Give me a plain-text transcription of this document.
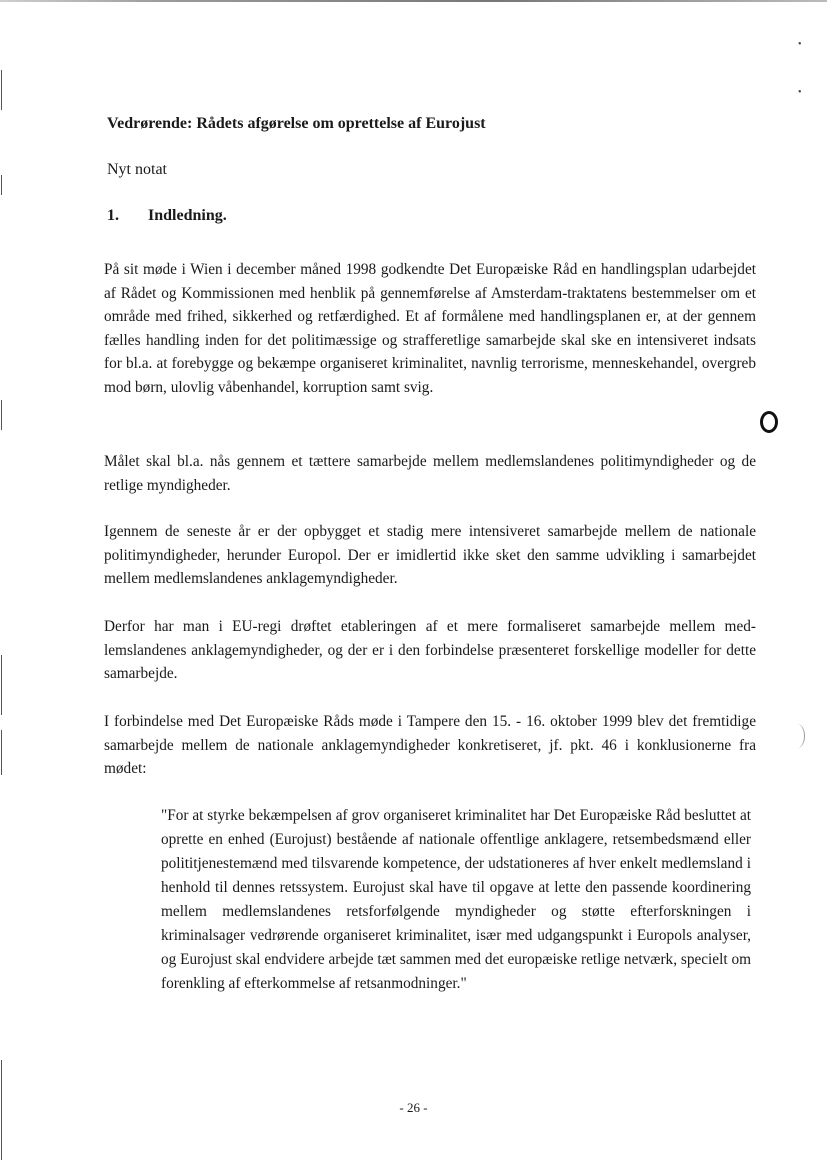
•
•
Vedrørende: Rådets afgørelse om oprettelse af Eurojust

Nyt notat

1.	Indledning.

På sit møde i Wien i december måned 1998 godkendte Det Europæiske Råd en handlingsplan udarbejdet af Rådet og Kommissionen med henblik på gennemførelse af Amsterdam-traktatens bestemmelser om et område med frihed, sikkerhed og retfærdighed. Et af formålene med handlingsplanen er, at der gennem fælles handling inden for det politimæssige og strafferetlige samarbejde skal ske en intensiveret indsats for bl.a. at forebygge og bekæmpe organiseret kriminalitet, navnlig terrorisme, menneskehandel, overgreb mod børn, ulovlig våbenhandel, korruption samt svig.

Målet skal bl.a. nås gennem et tættere samarbejde mellem medlemslandenes politimyndigheder og de retlige myndigheder.

Igennem de seneste år er der opbygget et stadig mere intensiveret samarbejde mellem de nationale politimyndigheder, herunder Europol. Der er imidlertid ikke sket den samme udvikling i samarbejdet mellem medlemslandenes anklagemyndigheder.

Derfor har man i EU-regi drøftet etableringen af et mere formaliseret samarbejde mellem medlemslandenes anklagemyndigheder, og der er i den forbindelse præsenteret forskellige modeller for dette samarbejde.

I forbindelse med Det Europæiske Råds møde i Tampere den 15. - 16. oktober 1999 blev det fremtidige samarbejde mellem de nationale anklagemyndigheder konkretiseret, jf. pkt. 46 i konklusionerne fra mødet:

"For at styrke bekæmpelsen af grov organiseret kriminalitet har Det Europæiske Råd besluttet at oprette en enhed (Eurojust) bestående af nationale offentlige anklagere, retsembedsmænd eller polititjenestemænd med tilsvarende kompetence, der udstationeres af hver enkelt medlemsland i henhold til dennes retssystem. Eurojust skal have til opgave at lette den passende koordinering mellem medlemslandenes retsforfølgende myndigheder og støtte efterforskningen i kriminalsager vedrørende organiseret kriminalitet, især med udgangspunkt i Europols analyser, og Eurojust skal endvidere arbejde tæt sammen med det europæiske retlige netværk, specielt om forenkling af efterkommelse af retsanmodninger."

- 26 -
